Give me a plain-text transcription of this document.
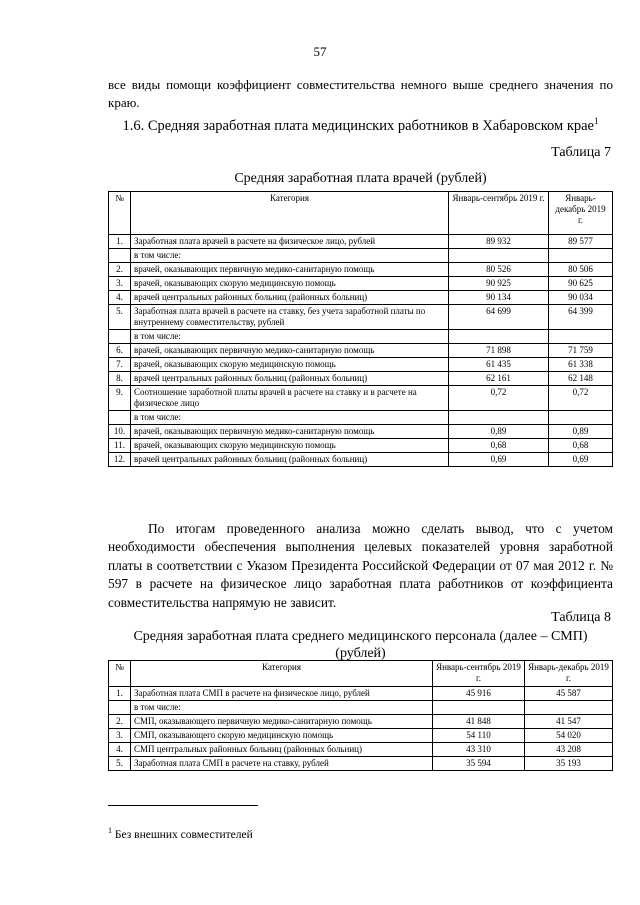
57
все виды помощи коэффициент совместительства немного выше среднего значения по краю.
1.6. Средняя заработная плата медицинских работников в Хабаровском крае$^1$
Таблица 7
Средняя заработная плата врачей (рублей)
№	Категория	Январь-сентябрь 2019 г.	Январь-декабрь 2019 г.
1.	Заработная плата врачей в расчете на физическое лицо, рублей	89 932	89 577
	в том числе:		
2.	врачей, оказывающих первичную медико-санитарную помощь	80 526	80 506
3.	врачей, оказывающих скорую медицинскую помощь	90 925	90 625
4.	врачей центральных районных больниц (районных больниц)	90 134	90 034
5.	Заработная плата врачей в расчете на ставку, без учета заработной платы по внутреннему совместительству, рублей	64 699	64 399
	в том числе:		
6.	врачей, оказывающих первичную медико-санитарную помощь	71 898	71 759
7.	врачей, оказывающих скорую медицинскую помощь	61 435	61 338
8.	врачей центральных районных больниц (районных больниц)	62 161	62 148
9.	Соотношение заработной платы врачей в расчете на ставку и в расчете на физическое лицо	0,72	0,72
	в том числе:		
10.	врачей, оказывающих первичную медико-санитарную помощь	0,89	0,89
11.	врачей, оказывающих скорую медицинскую помощь	0,68	0,68
12.	врачей центральных районных больниц (районных больниц)	0,69	0,69

По итогам проведенного анализа можно сделать вывод, что с учетом необходимости обеспечения выполнения целевых показателей уровня заработной платы в соответствии с Указом Президента Российской Федерации от 07 мая 2012 г. № 597 в расчете на физическое лицо заработная плата работников от коэффициента совместительства напрямую не зависит.

Таблица 8
Средняя заработная плата среднего медицинского персонала (далее – СМП) (рублей)
№	Категория	Январь-сентябрь 2019 г.	Январь-декабрь 2019 г.
1.	Заработная плата СМП в расчете на физическое лицо, рублей	45 916	45 587
	в том числе:		
2.	СМП, оказывающего первичную медико-санитарную помощь	41 848	41 547
3.	СМП, оказывающего скорую медицинскую помощь	54 110	54 020
4.	СМП центральных районных больниц (районных больниц)	43 310	43 208
5.	Заработная плата СМП в расчете на ставку, рублей	35 594	35 193
$^1$ Без внешних совместителей
